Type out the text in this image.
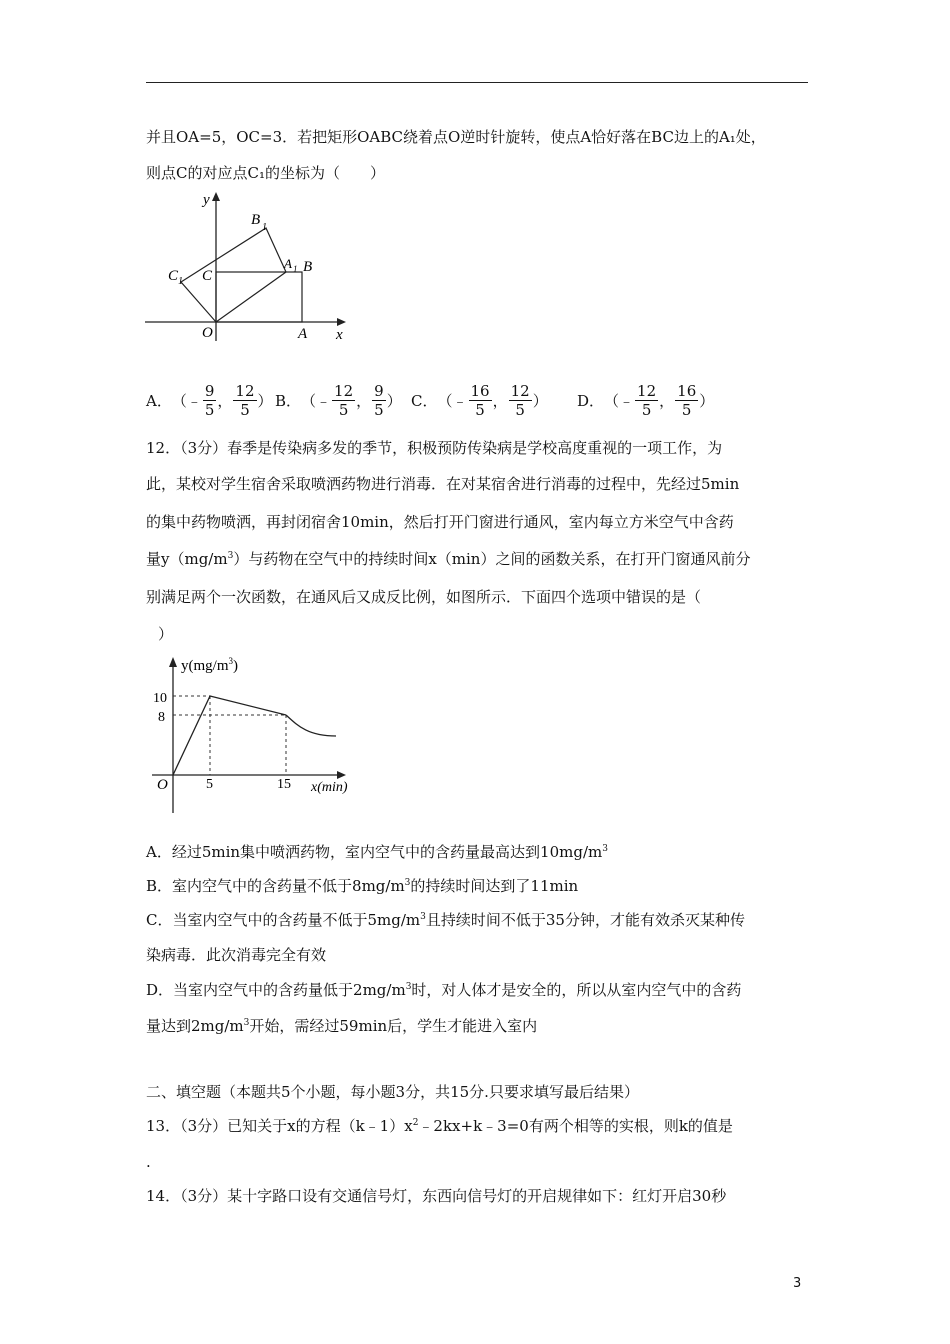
并且OA=5，OC=3．若把矩形OABC绕着点O逆时针旋转，使点A恰好落在BC边上的A₁处，
则点C的对应点C₁的坐标为（　　）
O	A
B
C
A 1
B 1
C 1
y
x
A． （﹣ $\frac{9}{5}$ ， $\frac{12}{5}$ ） B． （﹣ $\frac{12}{5}$ ， $\frac{9}{5}$ ） C． （﹣ $\frac{16}{5}$ ， $\frac{12}{5}$ ） D． （﹣ $\frac{12}{5}$ ， $\frac{16}{5}$ ）
12．（3分）春季是传染病多发的季节，积极预防传染病是学校高度重视的一项工作，为
此，某校对学生宿舍采取喷洒药物进行消毒．在对某宿舍进行消毒的过程中，先经过5min
的集中药物喷洒，再封闭宿舍10min，然后打开门窗进行通风，室内每立方米空气中含药
量$y(mg/m^3)$与药物在空气中的持续时间x（min）之间的函数关系，在打开门窗通风前分
别满足两个一次函数，在通风后又成反比例，如图所示．下面四个选项中错误的是（
）
$y(mg/m^3)$
10
8
O	5	15 x(min)
A．经过5min集中喷洒药物，室内空气中的含药量最高达到$10mg/m^3$
B．室内空气中的含药量不低于$8mg/m^3$的持续时间达到了11min
C．当室内空气中的含药量不低于$5mg/m^3$且持续时间不低于35分钟，才能有效杀灭某种传
染病毒．此次消毒完全有效
D．当室内空气中的含药量低于$2mg/m^3$时，对人体才是安全的，所以从室内空气中的含药
量达到$2mg/m^3$开始，需经过59min后，学生才能进入室内
二、填空题（本题共5个小题，每小题3分，共15分.只要求填写最后结果）
13．（3分）已知关于x的方程$(k﹣1)x^2﹣2kx+k﹣3=0$有两个相等的实根，则k的值是
.
14．（3分）某十字路口设有交通信号灯，东西向信号灯的开启规律如下：红灯开启30秒
3
